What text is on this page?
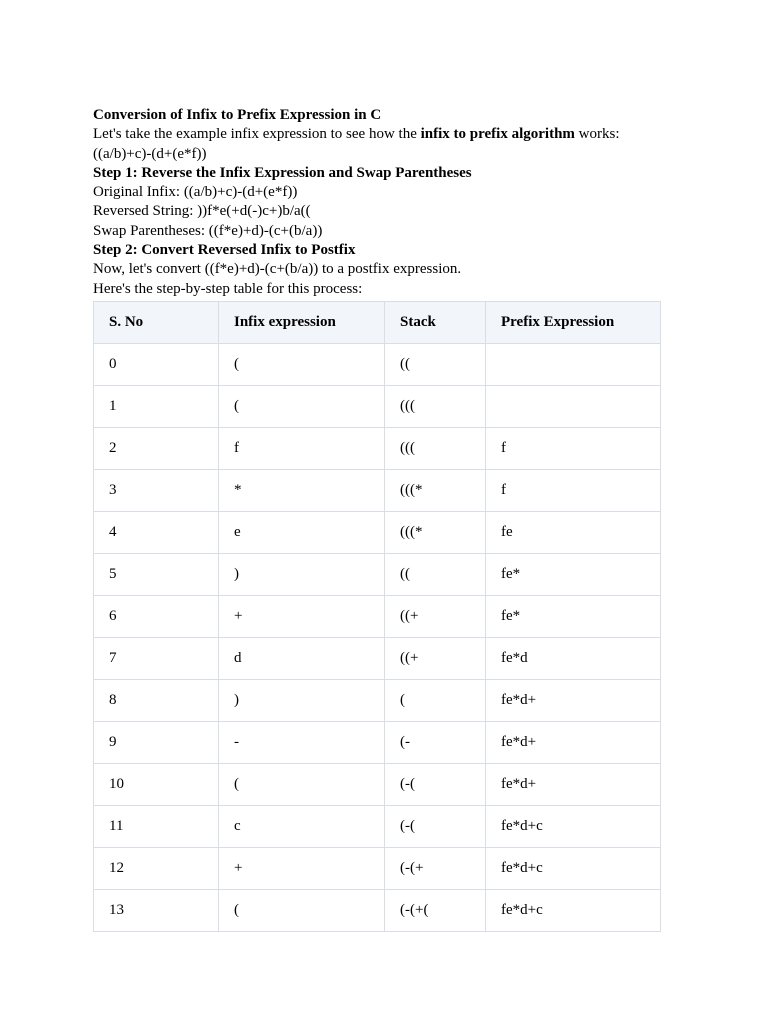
Conversion of Infix to Prefix Expression in C
Let's take the example infix expression to see how the infix to prefix algorithm works:
((a/b)+c)-(d+(e*f))
Step 1: Reverse the Infix Expression and Swap Parentheses
Original Infix: ((a/b)+c)-(d+(e*f))
Reversed String: ))f*e(+d(-)c+)b/a((
Swap Parentheses: ((f*e)+d)-(c+(b/a))
Step 2: Convert Reversed Infix to Postfix
Now, let's convert ((f*e)+d)-(c+(b/a)) to a postfix expression.
Here's the step-by-step table for this process:
S. No	Infix expression	Stack	Prefix Expression
0	(	((	
1	(	(((	
2	f	(((	f
3	*	(((*	f
4	e	(((*	fe
5	)	((	fe*
6	+	((+	fe*
7	d	((+	fe*d
8	)	(	fe*d+
9	-	(-	fe*d+
10	(	(-(	fe*d+
11	c	(-(	fe*d+c
12	+	(-(+	fe*d+c
13	(	(-(+(	fe*d+c
